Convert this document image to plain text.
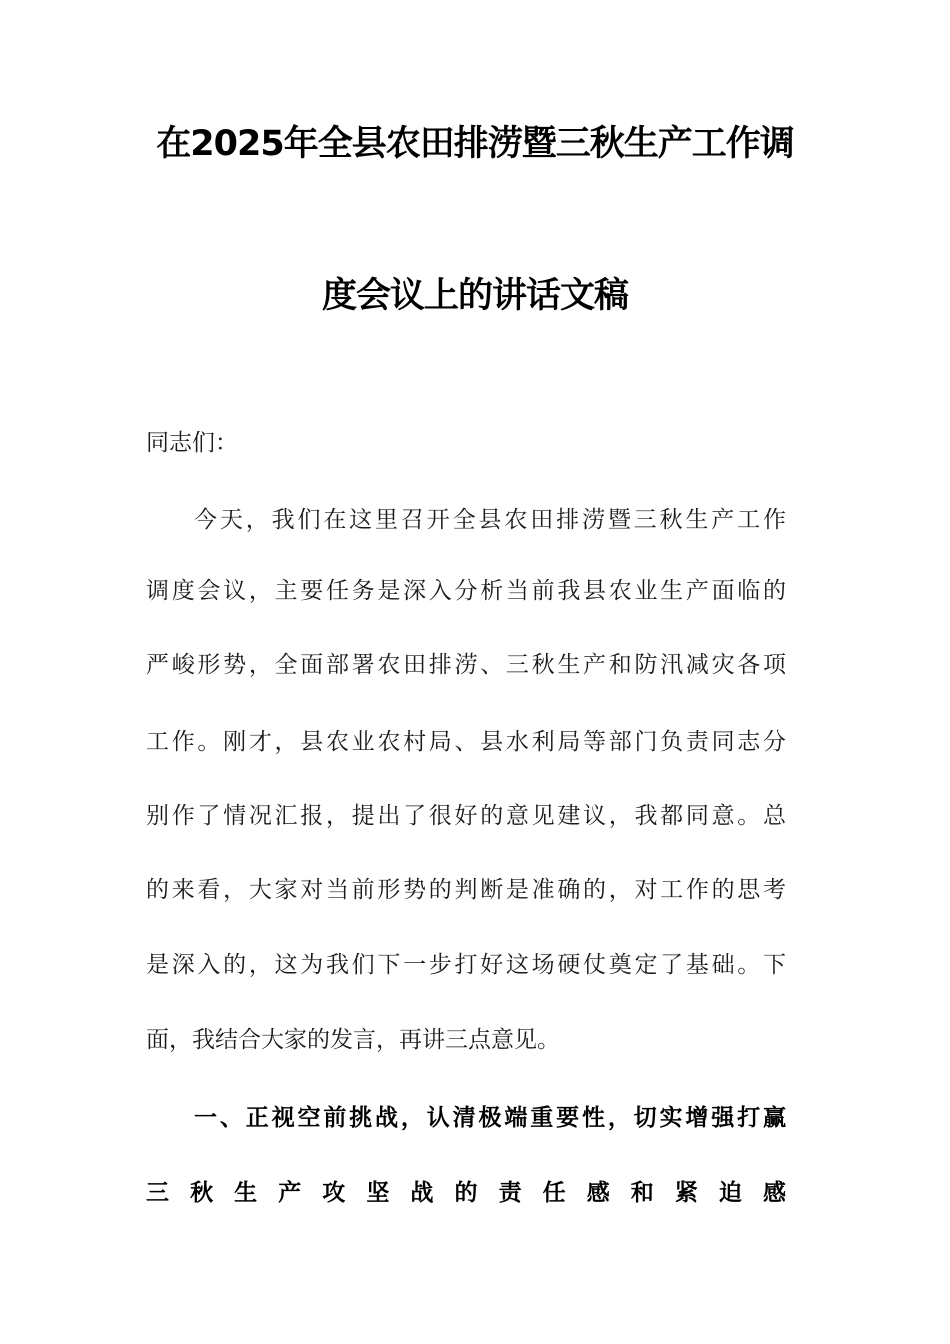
在2025年全县农田排涝暨三秋生产工作调
度会议上的讲话文稿
同志们：
今天，我们在这里召开全县农田排涝暨三秋生产工作
调度会议，主要任务是深入分析当前我县农业生产面临的
严峻形势，全面部署农田排涝、三秋生产和防汛减灾各项
工作。刚才，县农业农村局、县水利局等部门负责同志分
别作了情况汇报，提出了很好的意见建议，我都同意。总
的来看，大家对当前形势的判断是准确的，对工作的思考
是深入的，这为我们下一步打好这场硬仗奠定了基础。下
面，我结合大家的发言，再讲三点意见。
一、正视空前挑战，认清极端重要性，切实增强打赢
三秋生产攻坚战的责任感和紧迫感
